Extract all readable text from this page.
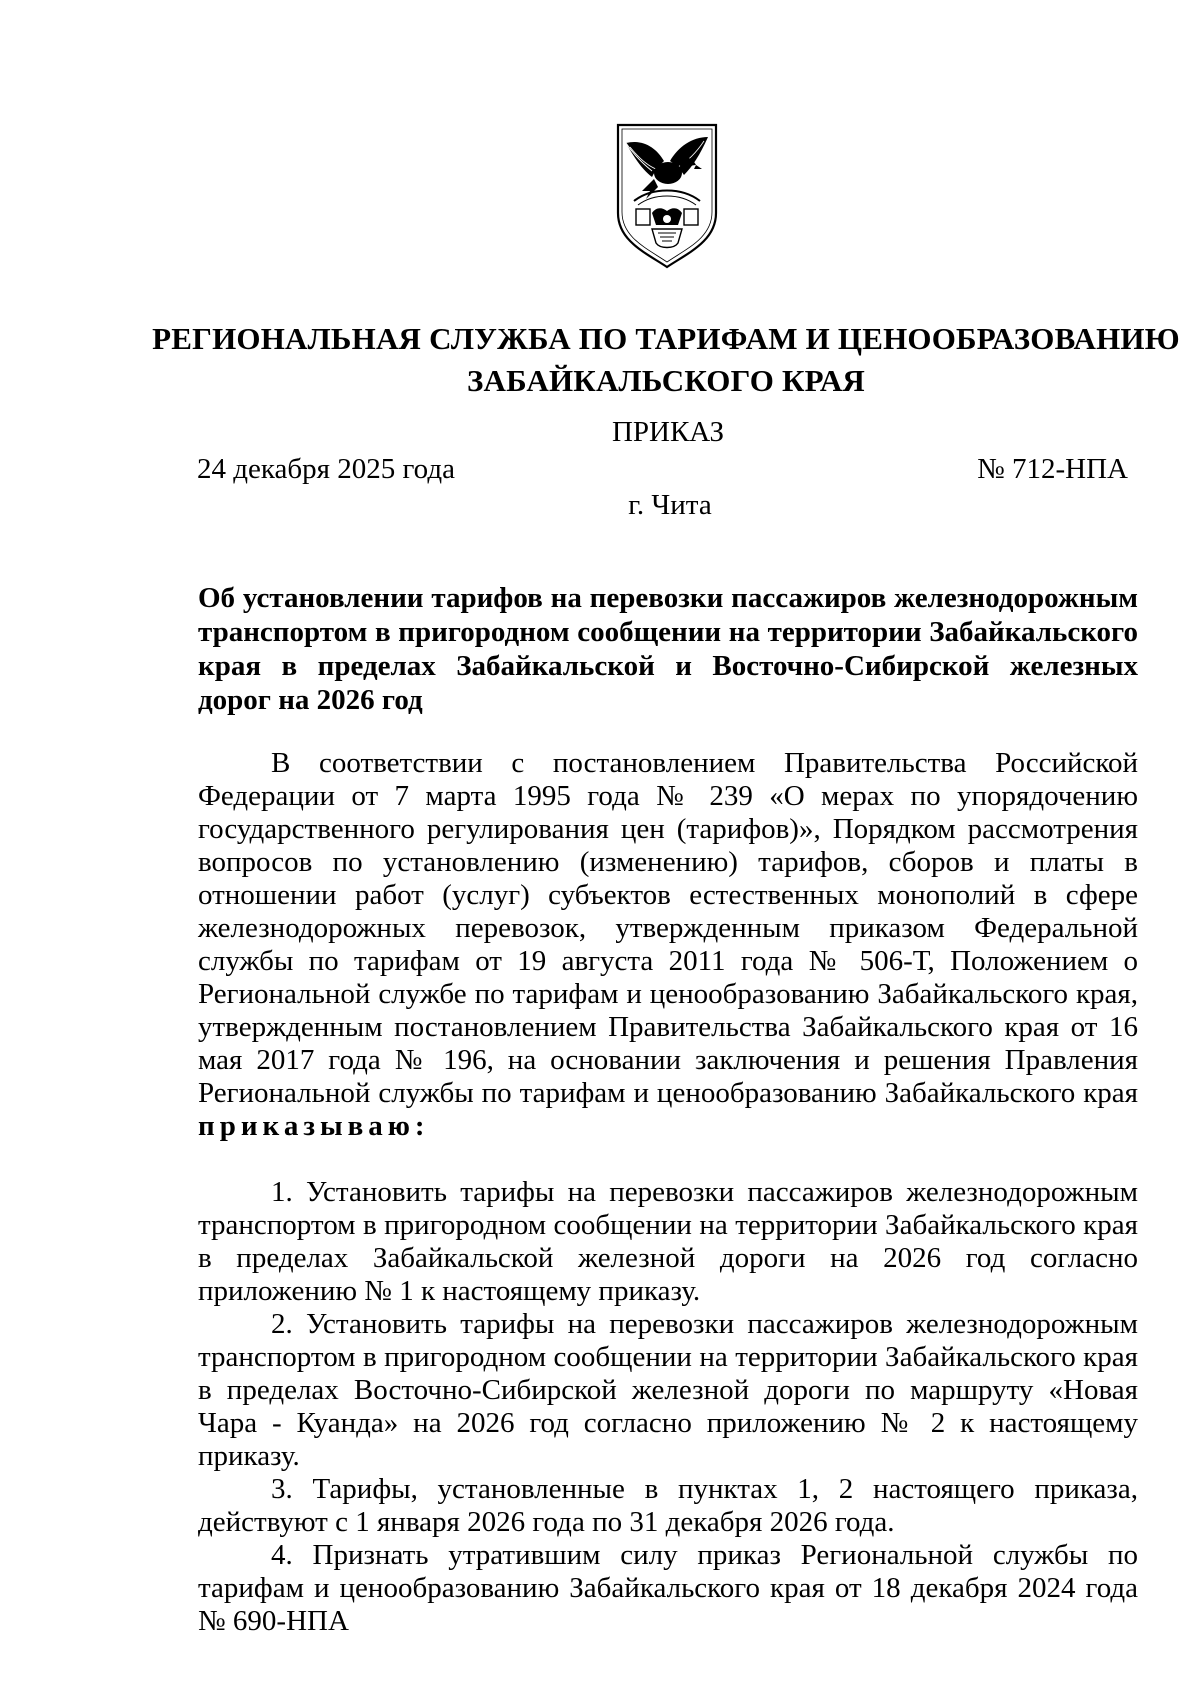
РЕГИОНАЛЬНАЯ СЛУЖБА ПО ТАРИФАМ И ЦЕНООБРАЗОВАНИЮ ЗАБАЙКАЛЬСКОГО КРАЯ
ПРИКАЗ
24 декабря 2025 года	№ 712-НПА
г. Чита
Об установлении тарифов на перевозки пассажиров железнодорожным транспортом в пригородном сообщении на территории Забайкальского края в пределах Забайкальской и Восточно-Сибирской железных дорог на 2026 год

В соответствии с постановлением Правительства Российской Федерации от 7 марта 1995 года № 239 «О мерах по упорядочению государственного регулирования цен (тарифов)», Порядком рассмотрения вопросов по установлению (изменению) тарифов, сборов и платы в отношении работ (услуг) субъектов естественных монополий в сфере железнодорожных перевозок, утвержденным приказом Федеральной службы по тарифам от 19 августа 2011 года № 506-Т, Положением о Региональной службе по тарифам и ценообразованию Забайкальского края, утвержденным постановлением Правительства Забайкальского края от 16 мая 2017 года № 196, на основании заключения и решения Правления Региональной службы по тарифам и ценообразованию Забайкальского края приказываю:

1. Установить тарифы на перевозки пассажиров железнодорожным транспортом в пригородном сообщении на территории Забайкальского края в пределах Забайкальской железной дороги на 2026 год согласно приложению № 1 к настоящему приказу.

2. Установить тарифы на перевозки пассажиров железнодорожным транспортом в пригородном сообщении на территории Забайкальского края в пределах Восточно-Сибирской железной дороги по маршруту «Новая Чара - Куанда» на 2026 год согласно приложению № 2 к настоящему приказу.

3. Тарифы, установленные в пунктах 1, 2 настоящего приказа, действуют с 1 января 2026 года по 31 декабря 2026 года.

4. Признать утратившим силу приказ Региональной службы по тарифам и ценообразованию Забайкальского края от 18 декабря 2024 года № 690-НПА
